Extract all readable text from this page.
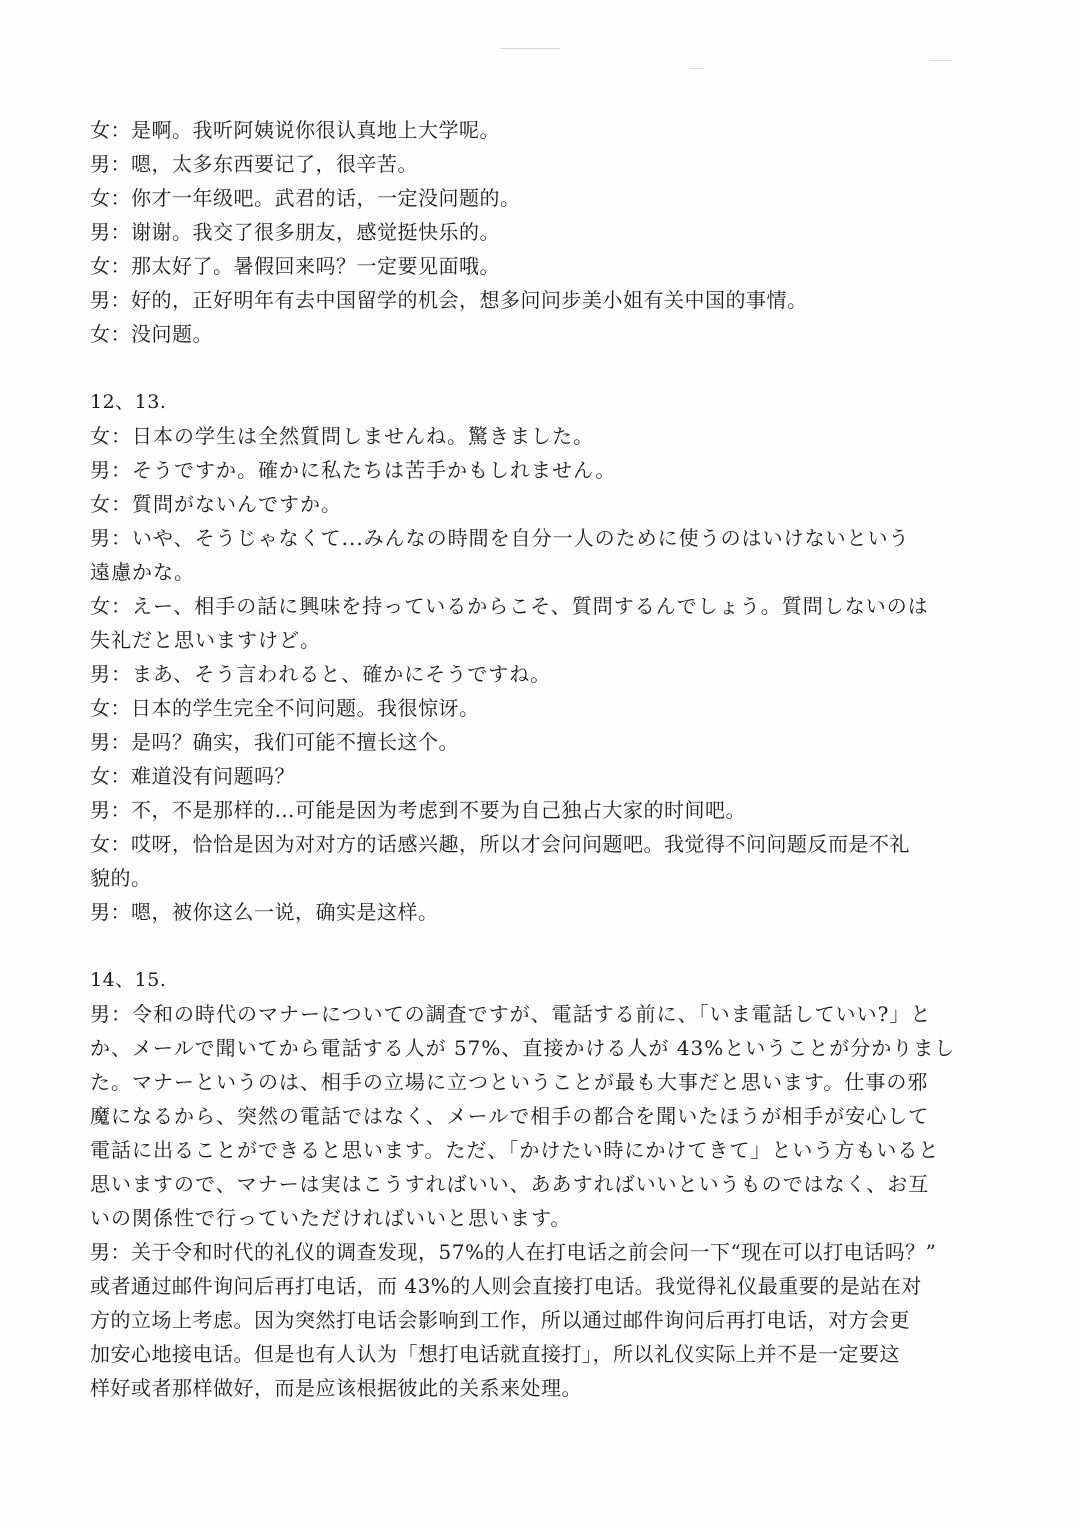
女：是啊。我听阿姨说你很认真地上大学呢。
男：嗯，太多东西要记了，很辛苦。
女：你才一年级吧。武君的话，一定没问题的。
男：谢谢。我交了很多朋友，感觉挺快乐的。
女：那太好了。暑假回来吗？一定要见面哦。
男：好的，正好明年有去中国留学的机会，想多问问步美小姐有关中国的事情。
女：没问题。
12、13.
女：日本の学生は全然質問しませんね。驚きました。
男：そうですか。確かに私たちは苦手かもしれません。
女：質問がないんですか。
男：いや、そうじゃなくて...みんなの時間を自分一人のために使うのはいけないという
遠慮かな。
女：えー、相手の話に興味を持っているからこそ、質問するんでしょう。質問しないのは
失礼だと思いますけど。
男：まあ、そう言われると、確かにそうですね。
女：日本的学生完全不问问题。我很惊讶。
男：是吗？确实，我们可能不擅长这个。
女：难道没有问题吗？
男：不，不是那样的…可能是因为考虑到不要为自己独占大家的时间吧。
女：哎呀，恰恰是因为对对方的话感兴趣，所以才会问问题吧。我觉得不问问题反而是不礼
貌的。
男：嗯，被你这么一说，确实是这样。
14、15.
男：令和の時代のマナーについての調査ですが、電話する前に、「いま電話していい?」と
か、メールで聞いてから電話する人が 57%、直接かける人が 43%ということが分かりまし
た。マナーというのは、相手の立場に立つということが最も大事だと思います。仕事の邪
魔になるから、突然の電話ではなく、メールで相手の都合を聞いたほうが相手が安心して
電話に出ることができると思います。ただ、「かけたい時にかけてきて」という方もいると
思いますので、マナーは実はこうすればいい、ああすればいいというものではなく、お互
いの関係性で行っていただければいいと思います。
男：关于令和时代的礼仪的调查发现，57%的人在打电话之前会问一下“现在可以打电话吗？”
或者通过邮件询问后再打电话，而 43%的人则会直接打电话。我觉得礼仪最重要的是站在对
方的立场上考虑。因为突然打电话会影响到工作，所以通过邮件询问后再打电话，对方会更
加安心地接电话。但是也有人认为「想打电话就直接打」，所以礼仪实际上并不是一定要这
样好或者那样做好，而是应该根据彼此的关系来处理。
